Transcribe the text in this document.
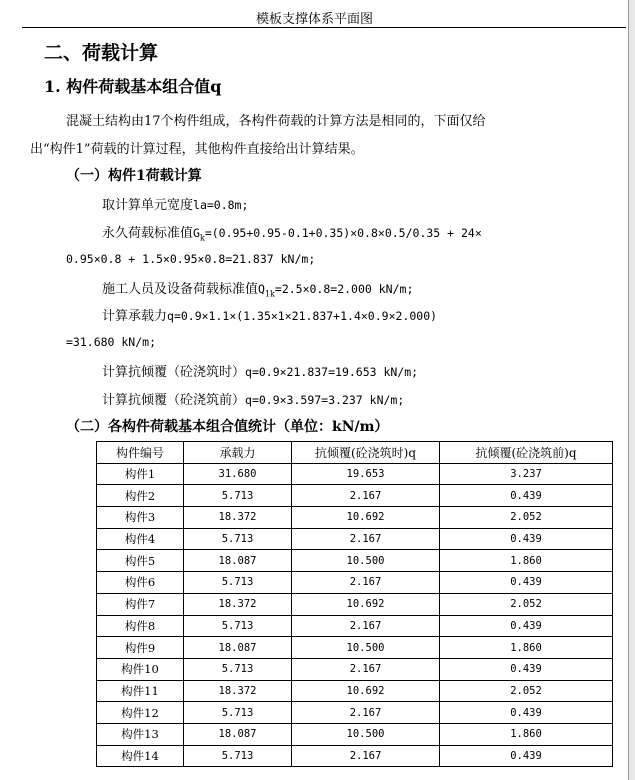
模板支撑体系平面图
二、荷载计算
1. 构件荷载基本组合值q
混凝土结构由17个构件组成，各构件荷载的计算方法是相同的，下面仅给
出“构件1”荷载的计算过程，其他构件直接给出计算结果。
（一）构件1荷载计算
取计算单元宽度la=0.8m;
永久荷载标准值$G_k=(0.95+0.95-0.1+0.35)\times 0.8\times 0.5/0.35 + 24\times$
0.95×0.8 + 1.5×0.95×0.8=21.837 kN/m;
施工人员及设备荷载标准值$Q_{1k}=2.5\times 0.8=2.000$ kN/m;
计算承载力q=0.9×1.1×(1.35×1×21.837+1.4×0.9×2.000)
=31.680 kN/m;
计算抗倾覆（砼浇筑时）q=0.9×21.837=19.653 kN/m;
计算抗倾覆（砼浇筑前）q=0.9×3.597=3.237 kN/m;
（二）各构件荷载基本组合值统计（单位：kN/m）
构件编号	承载力	抗倾覆(砼浇筑时)q	抗倾覆(砼浇筑前)q
构件1	31.680	19.653	3.237
构件2	5.713	2.167	0.439
构件3	18.372	10.692	2.052
构件4	5.713	2.167	0.439
构件5	18.087	10.500	1.860
构件6	5.713	2.167	0.439
构件7	18.372	10.692	2.052
构件8	5.713	2.167	0.439
构件9	18.087	10.500	1.860
构件10	5.713	2.167	0.439
构件11	18.372	10.692	2.052
构件12	5.713	2.167	0.439
构件13	18.087	10.500	1.860
构件14	5.713	2.167	0.439
